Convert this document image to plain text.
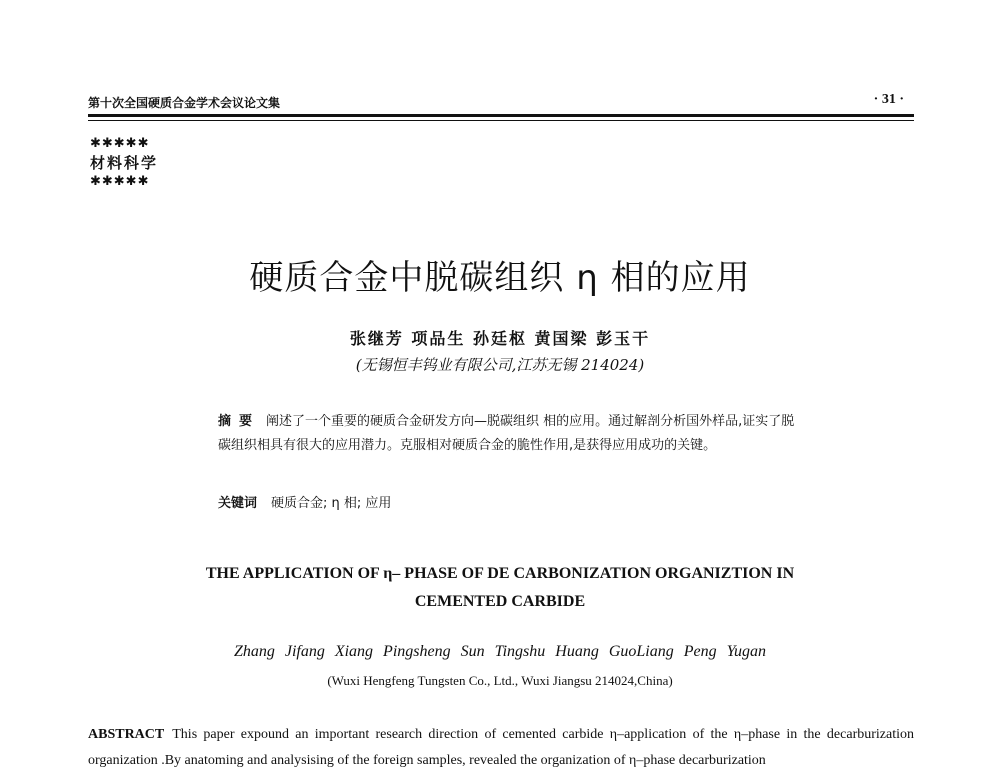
第十次全国硬质合金学术会议论文集	· 31 ·
✱✱✱✱✱
材料科学
✱✱✱✱✱
硬质合金中脱碳组织 η 相的应用
张继芳 项品生 孙廷枢 黄国梁 彭玉干
(无锡恒丰钨业有限公司,江苏无锡 214024)
摘要 阐述了一个重要的硬质合金研发方向—脱碳组织 相的应用。通过解剖分析国外样品,证实了脱碳组织相具有很大的应用潜力。克服相对硬质合金的脆性作用,是获得应用成功的关键。
关键词 硬质合金; η 相; 应用
THE APPLICATION OF η– PHASE OF DE CARBONIZATION ORGANIZTION IN
CEMENTED CARBIDE
Zhang Jifang Xiang Pingsheng Sun Tingshu Huang GuoLiang Peng Yugan
(Wuxi Hengfeng Tungsten Co., Ltd., Wuxi Jiangsu 214024,China)
ABSTRACT This paper expound an important research direction of cemented carbide η–application of the η–phase in the decarburization organization .By anatoming and analysising of the foreign samples, revealed the organization of η–phase decarburization
